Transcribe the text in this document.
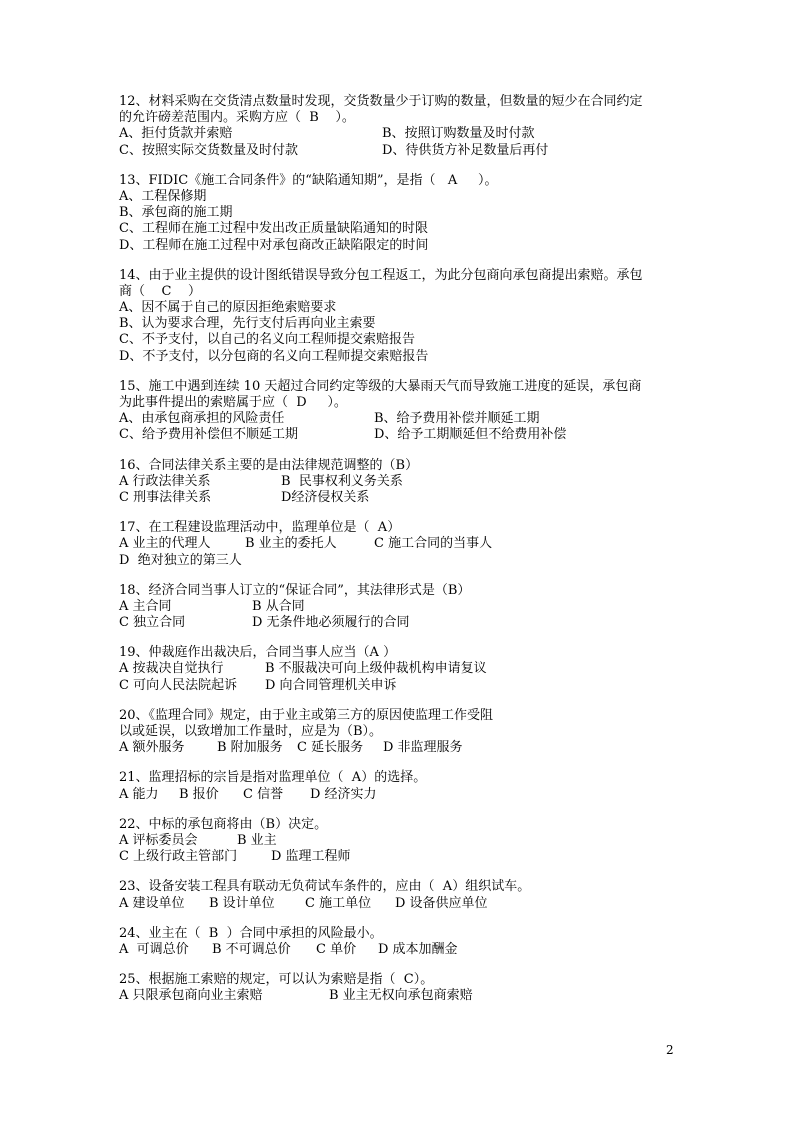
12、材料采购在交货清点数量时发现，交货数量少于订购的数量，但数量的短少在合同约定
的允许磅差范围内。采购方应（  B    ）。
A、拒付货款并索赔	B、按照订购数量及时付款
C、按照实际交货数量及时付款	D、待供货方补足数量后再付
13、FIDIC《施工合同条件》的“缺陷通知期”，是指（   A     ）。
A、工程保修期
B、承包商的施工期
C、工程师在施工过程中发出改正质量缺陷通知的时限
D、工程师在施工过程中对承包商改正缺陷限定的时间
14、由于业主提供的设计图纸错误导致分包工程返工，为此分包商向承包商提出索赔。承包
商（    C    ）
A、因不属于自己的原因拒绝索赔要求
B、认为要求合理，先行支付后再向业主索要
C、不予支付，以自己的名义向工程师提交索赔报告
D、不予支付，以分包商的名义向工程师提交索赔报告
15、施工中遇到连续 10 天超过合同约定等级的大暴雨天气而导致施工进度的延误，承包商
为此事件提出的索赔属于应（  D     ）。
A、由承包商承担的风险责任	B、给予费用补偿并顺延工期
C、给予费用补偿但不顺延工期	D、给予工期顺延但不给费用补偿
16、合同法律关系主要的是由法律规范调整的（B）
A 行政法律关系	B  民事权利义务关系
C 刑事法律关系	D经济侵权关系
17、在工程建设监理活动中，监理单位是（  A）
A 业主的代理人	B 业主的委托人	C 施工合同的当事人
D  绝对独立的第三人
18、经济合同当事人订立的“保证合同”，其法律形式是（B）
A 主合同	B 从合同
C 独立合同	D 无条件地必须履行的合同
19、仲裁庭作出裁决后，合同当事人应当（A ）
A 按裁决自觉执行	B 不服裁决可向上级仲裁机构申请复议
C 可向人民法院起诉 D 向合同管理机关申诉
20、《监理合同》规定，由于业主或第三方的原因使监理工作受阻
以或延误，以致增加工作量时，应是为（B）。
A 额外服务 B 附加服务 C 延长服务 D 非监理服务
21、监理招标的宗旨是指对监理单位（  A）的选择。
A 能力 B 报价 C 信誉 D 经济实力
22、中标的承包商将由（B）决定。
A 评标委员会	B 业主
C 上级行政主管部门	D 监理工程师
23、设备安装工程具有联动无负荷试车条件的，应由（  A）组织试车。
A 建设单位 B 设计单位 C 施工单位 D 设备供应单位
24、业主在（  B  ）合同中承担的风险最小。
A  可调总价 B 不可调总价 C 单价 D 成本加酬金
25、根据施工索赔的规定，可以认为索赔是指（  C）。
A 只限承包商向业主索赔	B 业主无权向承包商索赔
2
